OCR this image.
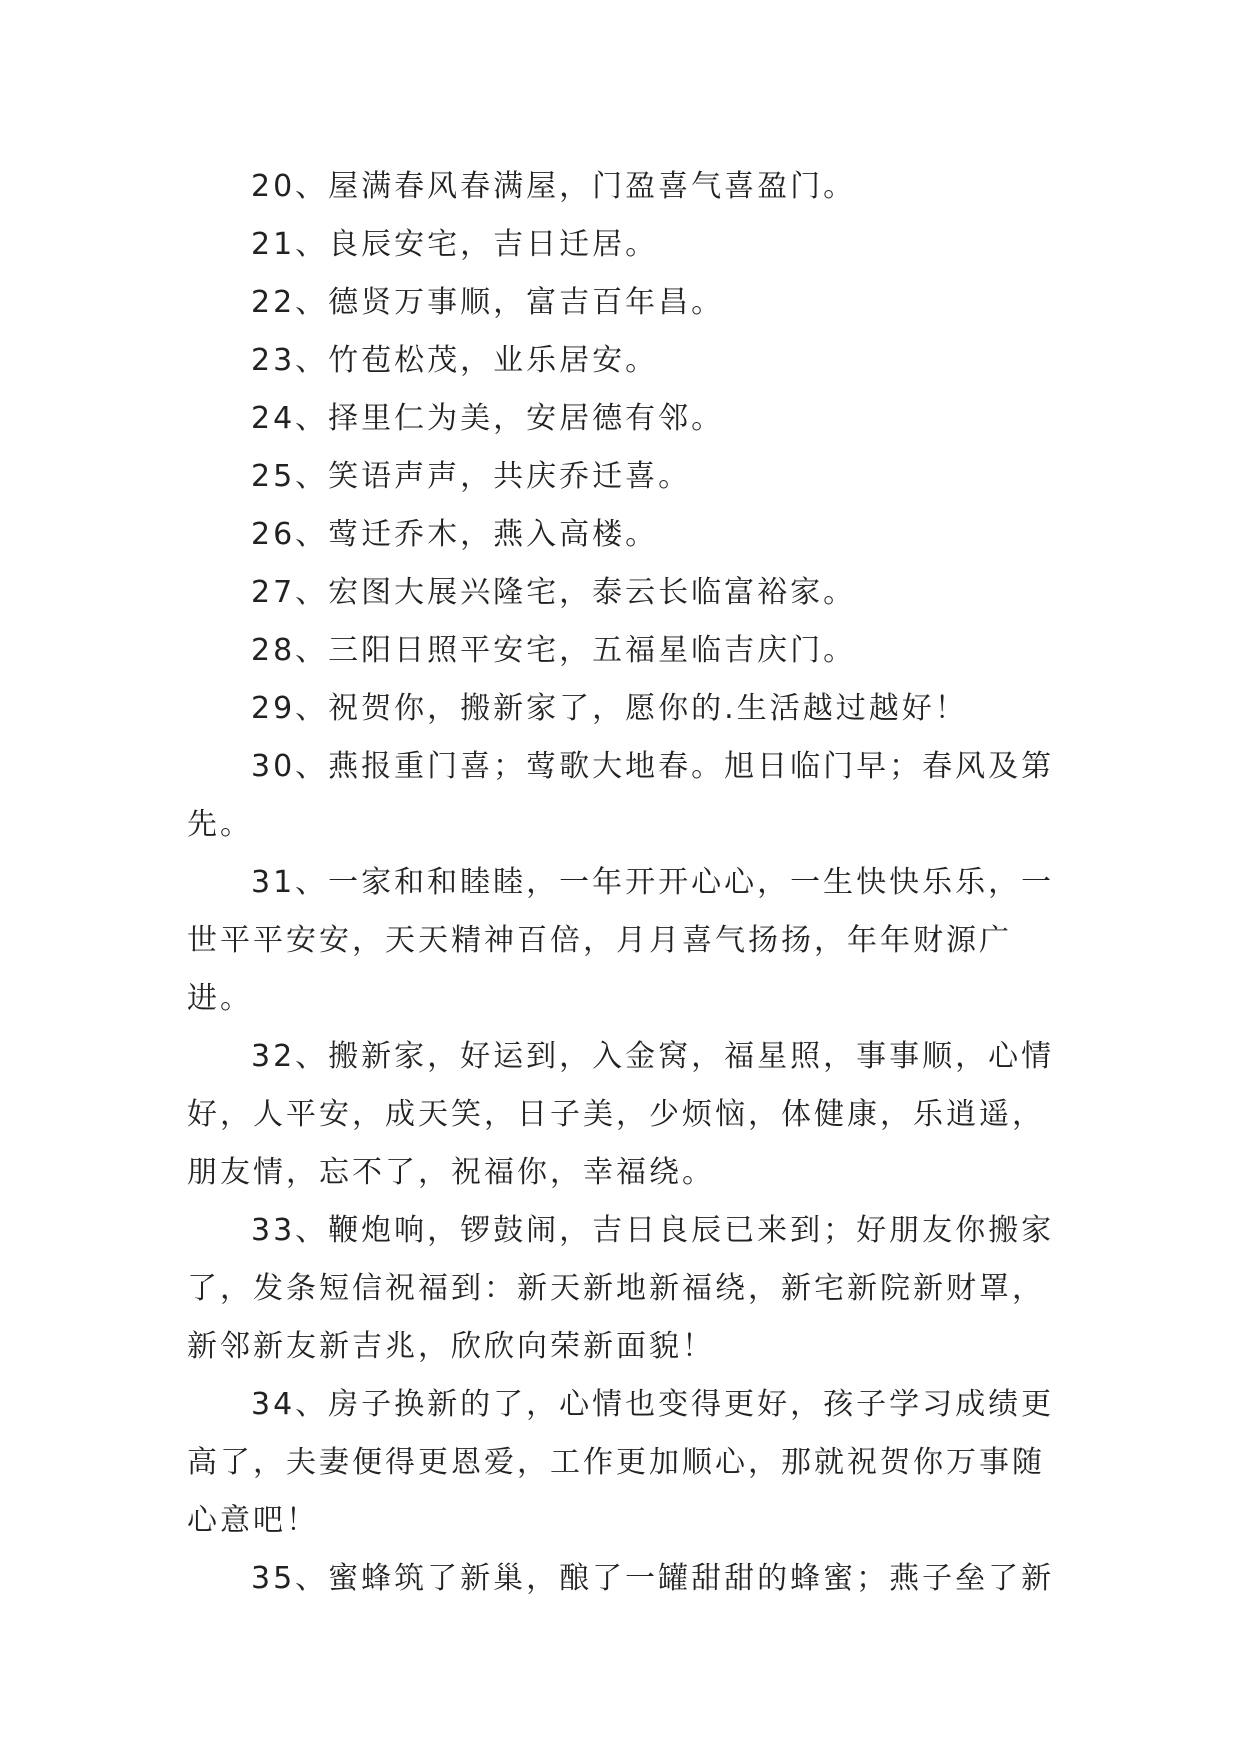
20、屋满春风春满屋，门盈喜气喜盈门。

21、良辰安宅，吉日迁居。

22、德贤万事顺，富吉百年昌。

23、竹苞松茂，业乐居安。

24、择里仁为美，安居德有邻。

25、笑语声声，共庆乔迁喜。

26、莺迁乔木，燕入高楼。

27、宏图大展兴隆宅，泰云长临富裕家。

28、三阳日照平安宅，五福星临吉庆门。

29、祝贺你，搬新家了，愿你的.生活越过越好！

30、燕报重门喜；莺歌大地春。旭日临门早；春风及第先。

31、一家和和睦睦，一年开开心心，一生快快乐乐，一世平平安安，天天精神百倍，月月喜气扬扬，年年财源广进。

32、搬新家，好运到，入金窝，福星照，事事顺，心情好，人平安，成天笑，日子美，少烦恼，体健康，乐逍遥，朋友情，忘不了，祝福你，幸福绕。

33、鞭炮响，锣鼓闹，吉日良辰已来到；好朋友你搬家了，发条短信祝福到：新天新地新福绕，新宅新院新财罩，新邻新友新吉兆，欣欣向荣新面貌！

34、房子换新的了，心情也变得更好，孩子学习成绩更高了，夫妻便得更恩爱，工作更加顺心，那就祝贺你万事随心意吧！

35、蜜蜂筑了新巢，酿了一罐甜甜的蜂蜜；燕子垒了新
